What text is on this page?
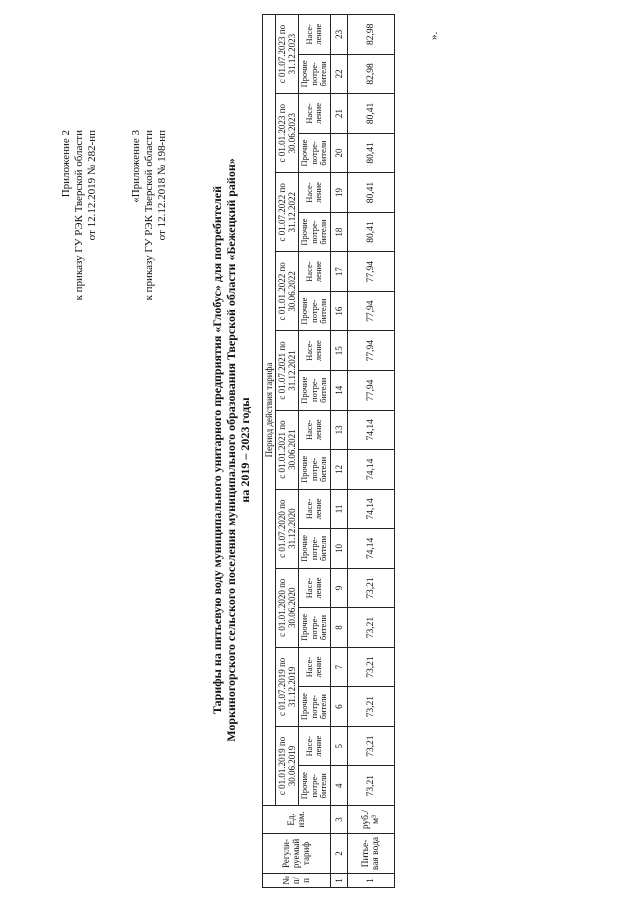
Приложение 2 к приказу ГУ РЭК Тверской области от 12.12.2019 № 282-нп	«Приложение 3 к приказу ГУ РЭК Тверской области от 12.12.2018 № 198-нп
Тарифы на питьевую воду муниципального унитарного предприятия «Глобус» для потребителей Моркиногорского сельского поселения муниципального образования Тверской области «Бежецкий район» на 2019 – 2023 годы
№ п/п	Регули-руемый тариф	Ед. изм.	Период действия тарифа																			
			с 01.01.2019 по 30.06.2019		с 01.07.2019 по 31.12.2019		с 01.01.2020 по 30.06.2020		с 01.07.2020 по 31.12.2020		с 01.01.2021 по 30.06.2021		с 01.07.2021 по 31.12.2021		с 01.01.2022 по 30.06.2022		с 01.07.2022 по 31.12.2022		с 01.01.2023 по 30.06.2023		с 01.07.2023 по 31.12.2023	
			Прочие потре-бители	Насе-ление	Прочие потре-бители	Насе-ление	Прочие потре-бители	Насе-ление	Прочие потре-бители	Насе-ление	Прочие потре-бители	Насе-ление	Прочие потре-бители	Насе-ление	Прочие потре-бители	Насе-ление	Прочие потре-бители	Насе-ление	Прочие потре-бители	Насе-ление	Прочие потре-бители	Насе-ление
1	2	3	4	5	6	7	8	9	10	11	12	13	14	15	16	17	18	19	20	21	22	23
1	Питье-вая вода	руб./м³	73,21	73,21	73,21	73,21	73,21	73,21	74,14	74,14	74,14	74,14	77,94	77,94	77,94	77,94	80,41	80,41	80,41	80,41	82,98	82,98	».
